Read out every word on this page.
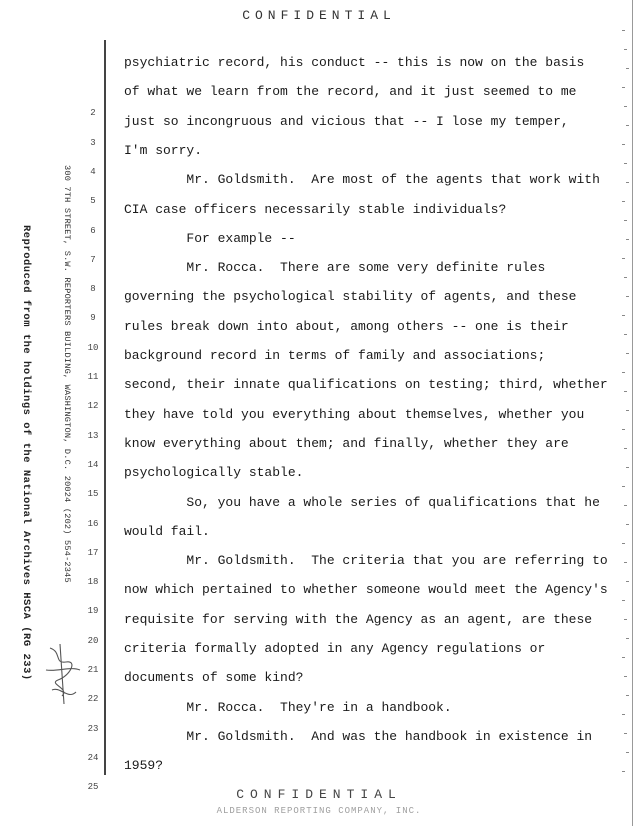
CONFIDENTIAL
Reproduced from the holdings of the National Archives HSCA (RG 233)	300 7TH STREET, S.W. REPORTERS BUILDING, WASHINGTON, D.C. 20024 (202) 554-2345
2
3
4
5
6
7
8
9
10
11
12
13
14
15
16
17
18
19
20
21
22
23
24
25
psychiatric record, his conduct -- this is now on the basis
of what we learn from the record, and it just seemed to me
just so incongruous and vicious that -- I lose my temper,
I'm sorry.
Mr. Goldsmith.  Are most of the agents that work with
CIA case officers necessarily stable individuals?
For example --
Mr. Rocca.  There are some very definite rules
governing the psychological stability of agents, and these
rules break down into about, among others -- one is their
background record in terms of family and associations;
second, their innate qualifications on testing; third, whether
they have told you everything about themselves, whether you
know everything about them; and finally, whether they are
psychologically stable.
So, you have a whole series of qualifications that he
would fail.
Mr. Goldsmith.  The criteria that you are referring to
now which pertained to whether someone would meet the Agency's
requisite for serving with the Agency as an agent, are these
criteria formally adopted in any Agency regulations or
documents of some kind?
Mr. Rocca.  They're in a handbook.
Mr. Goldsmith.  And was the handbook in existence in
1959?
CONFIDENTIAL
ALDERSON REPORTING COMPANY, INC.
